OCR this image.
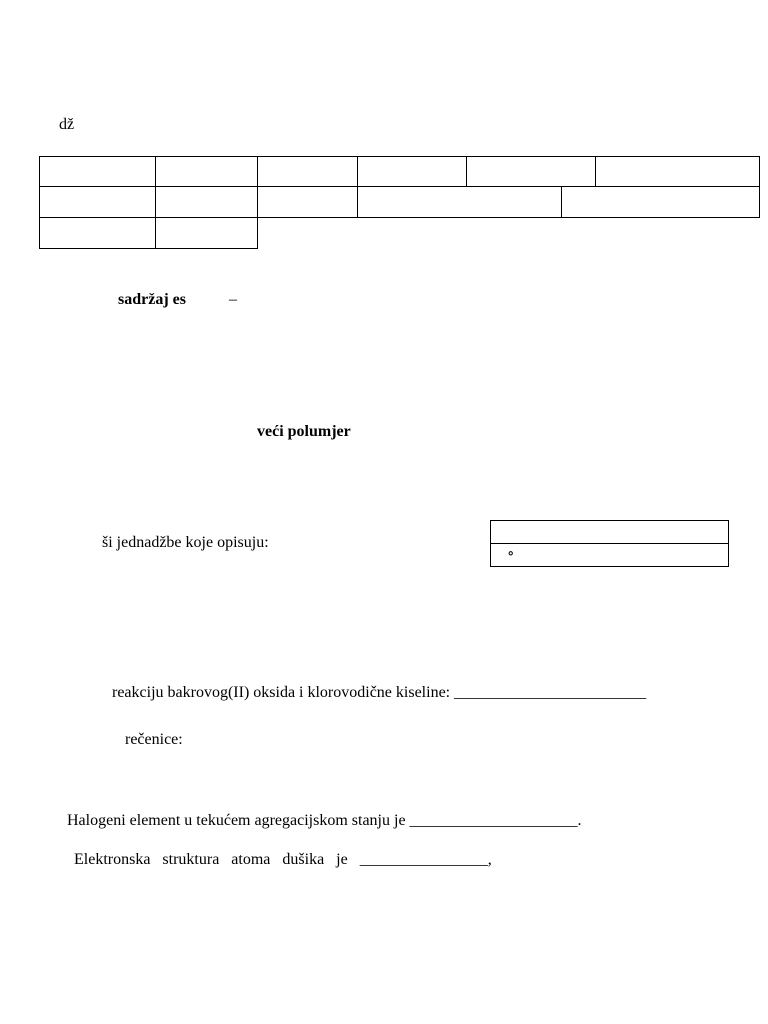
dž
sadržaj es	–
veći polumjer
ši jednadžbe koje opisuju:
∘
reakciju bakrovog(II) oksida i klorovodične kiseline: ________________________
rečenice:
Halogeni element u tekućem agregacijskom stanju je _____________________.
Elektronska   struktura   atoma   dušika   je   ________________,
